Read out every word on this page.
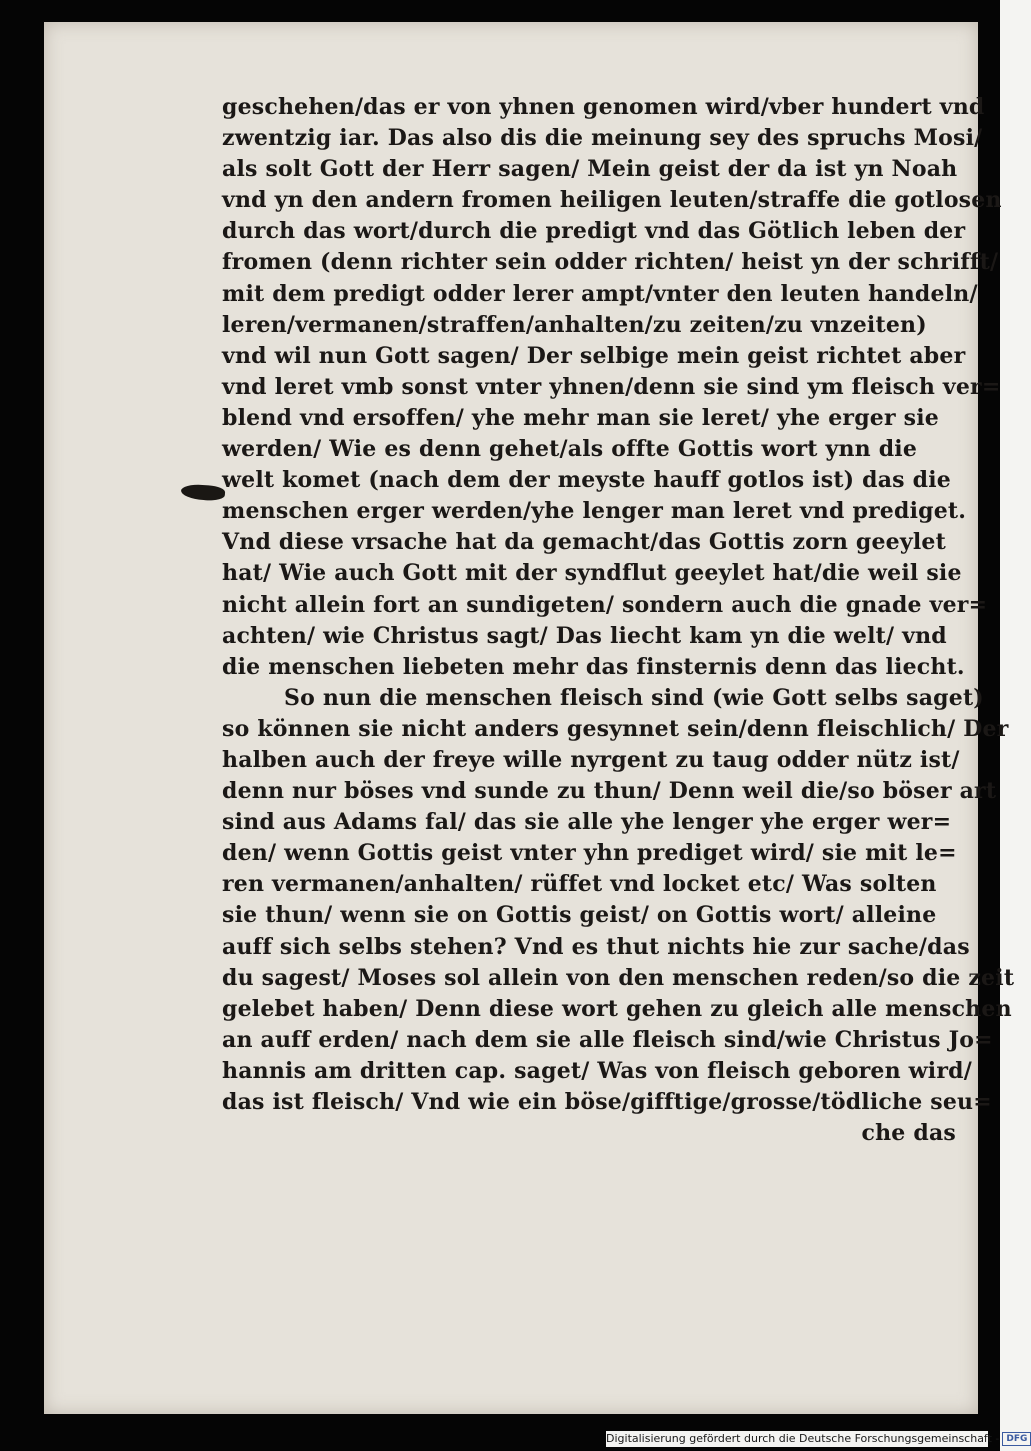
geschehen/das er von yhnen genomen wird/vber hundert vnd
zwentzig iar. Das also dis die meinung sey des spruchs Mosi/
als solt Gott der Herr sagen/ Mein geist der da ist yn Noah
vnd yn den andern fromen heiligen leuten/straffe die gotlosen
durch das wort/durch die predigt vnd das Götlich leben der
fromen (denn richter sein odder richten/ heist yn der schrifft/
mit dem predigt odder lerer ampt/vnter den leuten handeln/
leren/vermanen/straffen/anhalten/zu zeiten/zu vnzeiten)
vnd wil nun Gott sagen/ Der selbige mein geist richtet aber
vnd leret vmb sonst vnter yhnen/denn sie sind ym fleisch ver=
blend vnd ersoffen/ yhe mehr man sie leret/ yhe erger sie
werden/ Wie es denn gehet/als offte Gottis wort ynn die
welt komet (nach dem der meyste hauff gotlos ist) das die
menschen erger werden/yhe lenger man leret vnd prediget.
Vnd diese vrsache hat da gemacht/das Gottis zorn geeylet
hat/ Wie auch Gott mit der syndflut geeylet hat/die weil sie
nicht allein fort an sundigeten/ sondern auch die gnade ver=
achten/ wie Christus sagt/ Das liecht kam yn die welt/ vnd
die menschen liebeten mehr das finsternis denn das liecht.
So nun die menschen fleisch sind (wie Gott selbs saget)
so können sie nicht anders gesynnet sein/denn fleischlich/ Der
halben auch der freye wille nyrgent zu taug odder nütz ist/
denn nur böses vnd sunde zu thun/ Denn weil die/so böser art
sind aus Adams fal/ das sie alle yhe lenger yhe erger wer=
den/ wenn Gottis geist vnter yhn prediget wird/ sie mit le=
ren vermanen/anhalten/ rüffet vnd locket etc/ Was solten
sie thun/ wenn sie on Gottis geist/ on Gottis wort/ alleine
auff sich selbs stehen? Vnd es thut nichts hie zur sache/das
du sagest/ Moses sol allein von den menschen reden/so die zeit
gelebet haben/ Denn diese wort gehen zu gleich alle menschen
an auff erden/ nach dem sie alle fleisch sind/wie Christus Jo=
hannis am dritten cap. saget/ Was von fleisch geboren wird/
das ist fleisch/ Vnd wie ein böse/gifftige/grosse/tödliche seu=
che das
Digitalisierung gefördert durch die Deutsche Forschungsgemeinschaft - DFG
